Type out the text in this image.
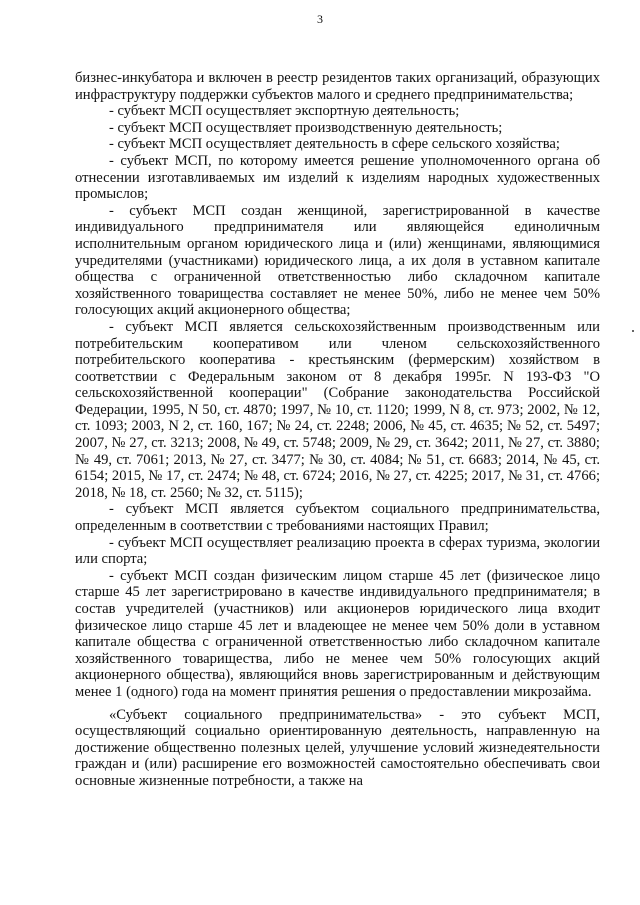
3

бизнес-инкубатора и включен в реестр резидентов таких организаций, образующих инфраструктуру поддержки субъектов малого и среднего предпринимательства;

- субъект МСП осуществляет экспортную деятельность;

- субъект МСП осуществляет производственную деятельность;

- субъект МСП осуществляет деятельность в сфере сельского хозяйства;

- субъект МСП, по которому имеется решение уполномоченного органа об отнесении изготавливаемых им изделий к изделиям народных художественных промыслов;

- субъект МСП создан женщиной, зарегистрированной в качестве индивидуального предпринимателя или являющейся единоличным исполнительным органом юридического лица и (или) женщинами, являющимися учредителями (участниками) юридического лица, а их доля в уставном капитале общества с ограниченной ответственностью либо складочном капитале хозяйственного товарищества составляет не менее 50%, либо не менее чем 50% голосующих акций акционерного общества;

- субъект МСП является сельскохозяйственным производственным или потребительским кооперативом или членом сельскохозяйственного потребительского кооператива - крестьянским (фермерским) хозяйством в соответствии с Федеральным законом от 8 декабря 1995г. N 193-ФЗ "О сельскохозяйственной кооперации" (Собрание законодательства Российской Федерации, 1995, N 50, ст. 4870; 1997, № 10, ст. 1120; 1999, N 8, ст. 973; 2002, № 12, ст. 1093; 2003, N 2, ст. 160, 167; № 24, ст. 2248; 2006, № 45, ст. 4635; № 52, ст. 5497; 2007, № 27, ст. 3213; 2008, № 49, ст. 5748; 2009, № 29, ст. 3642; 2011, № 27, ст. 3880; № 49, ст. 7061; 2013, № 27, ст. 3477; № 30, ст. 4084; № 51, ст. 6683; 2014, № 45, ст. 6154; 2015, № 17, ст. 2474; № 48, ст. 6724; 2016, № 27, ст. 4225; 2017, № 31, ст. 4766; 2018, № 18, ст. 2560; № 32, ст. 5115);

- субъект МСП является субъектом социального предпринимательства, определенным в соответствии с требованиями настоящих Правил;

- субъект МСП осуществляет реализацию проекта в сферах туризма, экологии или спорта;

- субъект МСП создан физическим лицом старше 45 лет (физическое лицо старше 45 лет зарегистрировано в качестве индивидуального предпринимателя; в состав учредителей (участников) или акционеров юридического лица входит физическое лицо старше 45 лет и владеющее не менее чем 50% доли в уставном капитале общества с ограниченной ответственностью либо складочном капитале хозяйственного товарищества, либо не менее чем 50% голосующих акций акционерного общества), являющийся вновь зарегистрированным и действующим менее 1 (одного) года на момент принятия решения о предоставлении микрозайма.

«Субъект социального предпринимательства» - это субъект МСП, осуществляющий социально ориентированную деятельность, направленную на достижение общественно полезных целей, улучшение условий жизнедеятельности граждан и (или) расширение его возможностей самостоятельно обеспечивать свои основные жизненные потребности, а также на
